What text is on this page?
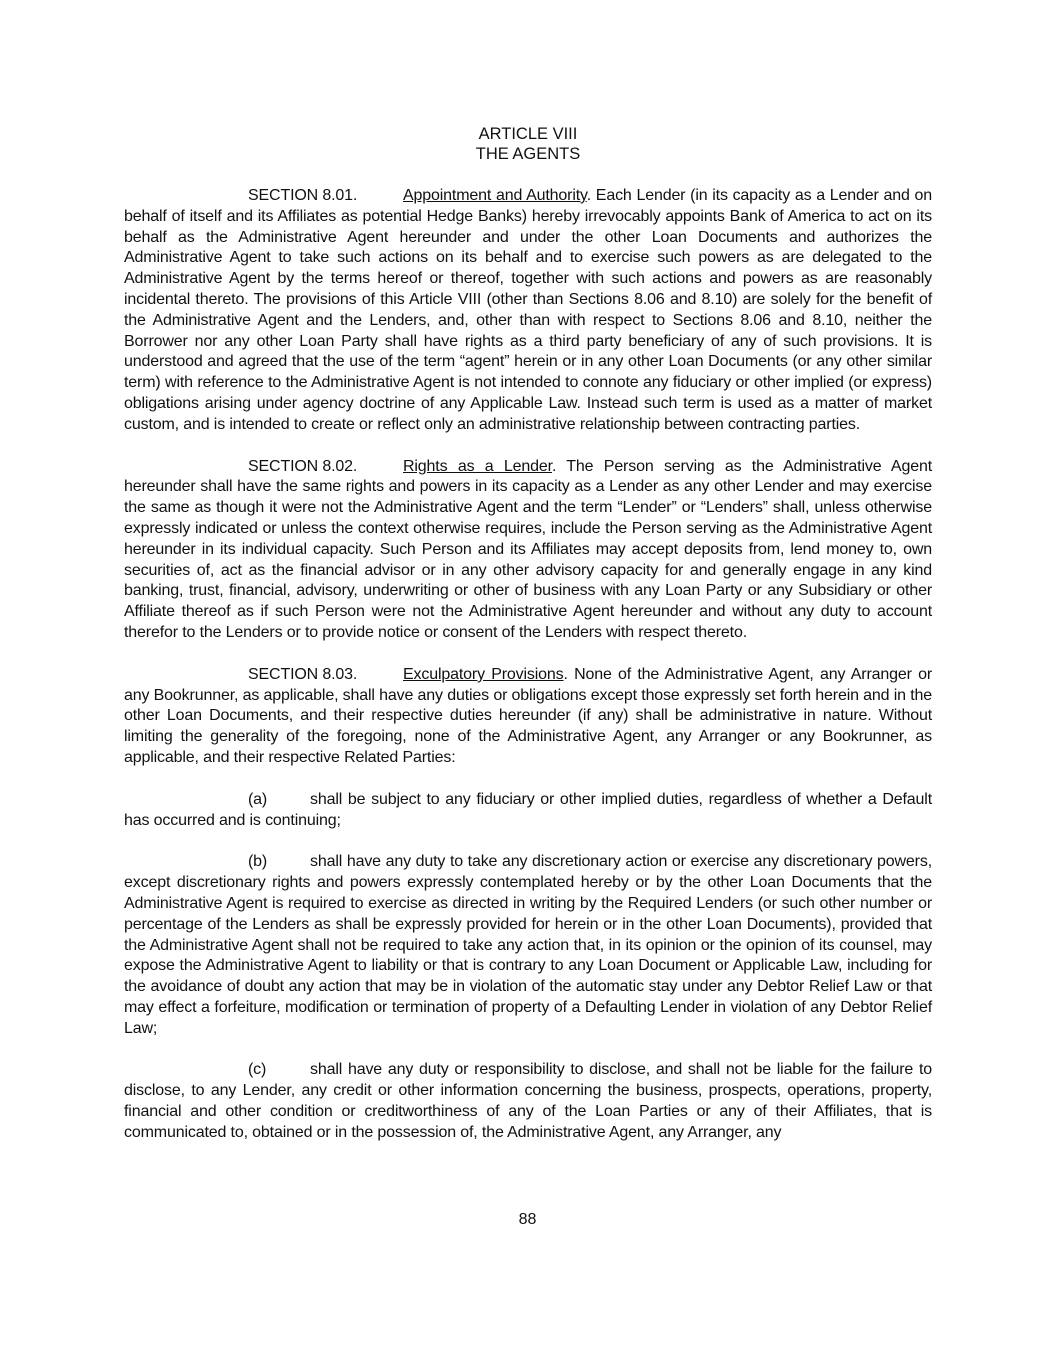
ARTICLE VIII

THE AGENTS

SECTION 8.01.	Appointment and Authority. Each Lender (in its capacity as a Lender and on behalf of itself and its Affiliates as potential Hedge Banks) hereby irrevocably appoints Bank of America to act on its behalf as the Administrative Agent hereunder and under the other Loan Documents and authorizes the Administrative Agent to take such actions on its behalf and to exercise such powers as are delegated to the Administrative Agent by the terms hereof or thereof, together with such actions and powers as are reasonably incidental thereto. The provisions of this Article VIII (other than Sections 8.06 and 8.10) are solely for the benefit of the Administrative Agent and the Lenders, and, other than with respect to Sections 8.06 and 8.10, neither the Borrower nor any other Loan Party shall have rights as a third party beneficiary of any of such provisions. It is understood and agreed that the use of the term “agent” herein or in any other Loan Documents (or any other similar term) with reference to the Administrative Agent is not intended to connote any fiduciary or other implied (or express) obligations arising under agency doctrine of any Applicable Law. Instead such term is used as a matter of market custom, and is intended to create or reflect only an administrative relationship between contracting parties.

SECTION 8.02.	Rights as a Lender. The Person serving as the Administrative Agent hereunder shall have the same rights and powers in its capacity as a Lender as any other Lender and may exercise the same as though it were not the Administrative Agent and the term “Lender” or “Lenders” shall, unless otherwise expressly indicated or unless the context otherwise requires, include the Person serving as the Administrative Agent hereunder in its individual capacity. Such Person and its Affiliates may accept deposits from, lend money to, own securities of, act as the financial advisor or in any other advisory capacity for and generally engage in any kind banking, trust, financial, advisory, underwriting or other of business with any Loan Party or any Subsidiary or other Affiliate thereof as if such Person were not the Administrative Agent hereunder and without any duty to account therefor to the Lenders or to provide notice or consent of the Lenders with respect thereto.

SECTION 8.03.	Exculpatory Provisions. None of the Administrative Agent, any Arranger or any Bookrunner, as applicable, shall have any duties or obligations except those expressly set forth herein and in the other Loan Documents, and their respective duties hereunder (if any) shall be administrative in nature. Without limiting the generality of the foregoing, none of the Administrative Agent, any Arranger or any Bookrunner, as applicable, and their respective Related Parties:

(a)	shall be subject to any fiduciary or other implied duties, regardless of whether a Default has occurred and is continuing;

(b)	shall have any duty to take any discretionary action or exercise any discretionary powers, except discretionary rights and powers expressly contemplated hereby or by the other Loan Documents that the Administrative Agent is required to exercise as directed in writing by the Required Lenders (or such other number or percentage of the Lenders as shall be expressly provided for herein or in the other Loan Documents), provided that the Administrative Agent shall not be required to take any action that, in its opinion or the opinion of its counsel, may expose the Administrative Agent to liability or that is contrary to any Loan Document or Applicable Law, including for the avoidance of doubt any action that may be in violation of the automatic stay under any Debtor Relief Law or that may effect a forfeiture, modification or termination of property of a Defaulting Lender in violation of any Debtor Relief Law;

(c)	shall have any duty or responsibility to disclose, and shall not be liable for the failure to disclose, to any Lender, any credit or other information concerning the business, prospects, operations, property, financial and other condition or creditworthiness of any of the Loan Parties or any of their Affiliates, that is communicated to, obtained or in the possession of, the Administrative Agent, any Arranger, any

88
